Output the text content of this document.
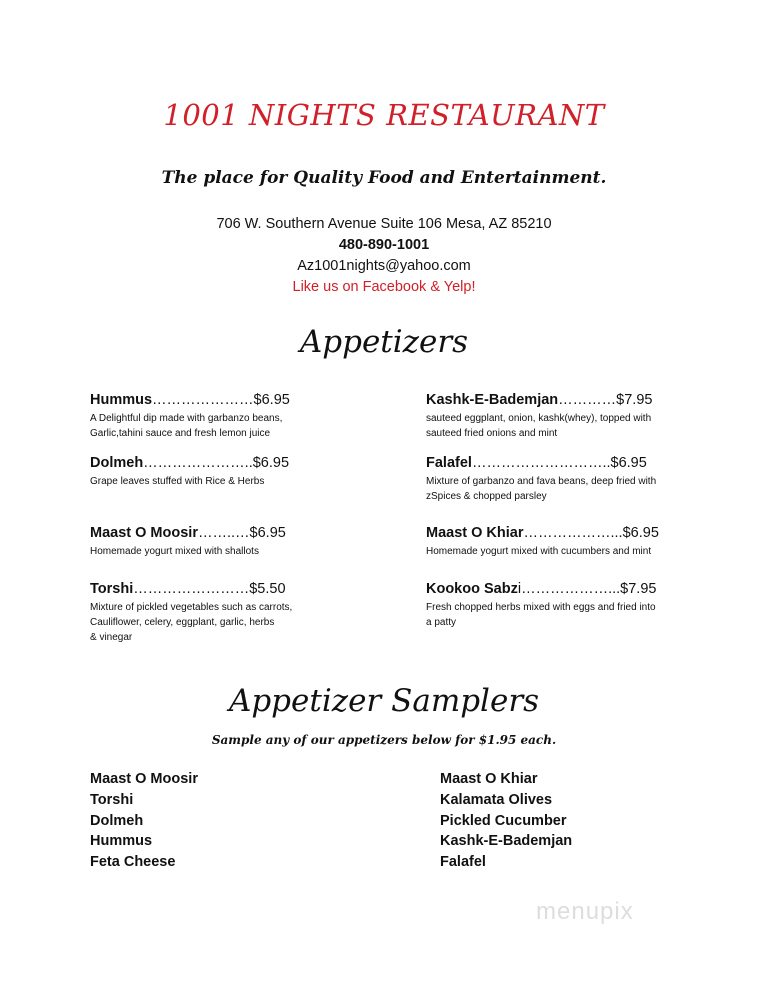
1001 NIGHTS RESTAURANT
The place for Quality Food and Entertainment.
706 W. Southern Avenue Suite 106 Mesa, AZ 85210
480-890-1001
Az1001nights@yahoo.com
Like us on Facebook & Yelp!
Appetizers
Hummus…………………$6.95
A Delightful dip made with garbanzo beans,
Garlic,tahini sauce and fresh lemon juice
Dolmeh…………………..$6.95
Grape leaves stuffed with Rice & Herbs
Maast O Moosir……..…$6.95
Homemade yogurt mixed with shallots
Torshi……………………$5.50
Mixture of pickled vegetables such as carrots,
Cauliflower, celery, eggplant, garlic, herbs
& vinegar
Kashk-E-Bademjan…………$7.95
sauteed eggplant, onion, kashk(whey), topped with
sauteed fried onions and mint
Falafel………………………..$6.95
Mixture of garbanzo and fava beans, deep fried with
zSpices & chopped parsley
Maast O Khiar………………...$6.95
Homemade yogurt mixed with cucumbers and mint
Kookoo Sabzi………………...$7.95
Fresh chopped herbs mixed with eggs and fried into
a patty
Appetizer Samplers
Sample any of our appetizers below for $1.95 each.
Maast O Moosir
Torshi
Dolmeh
Hummus
Feta Cheese
Maast O Khiar
Kalamata Olives
Pickled Cucumber
Kashk-E-Bademjan
Falafel
menupix
